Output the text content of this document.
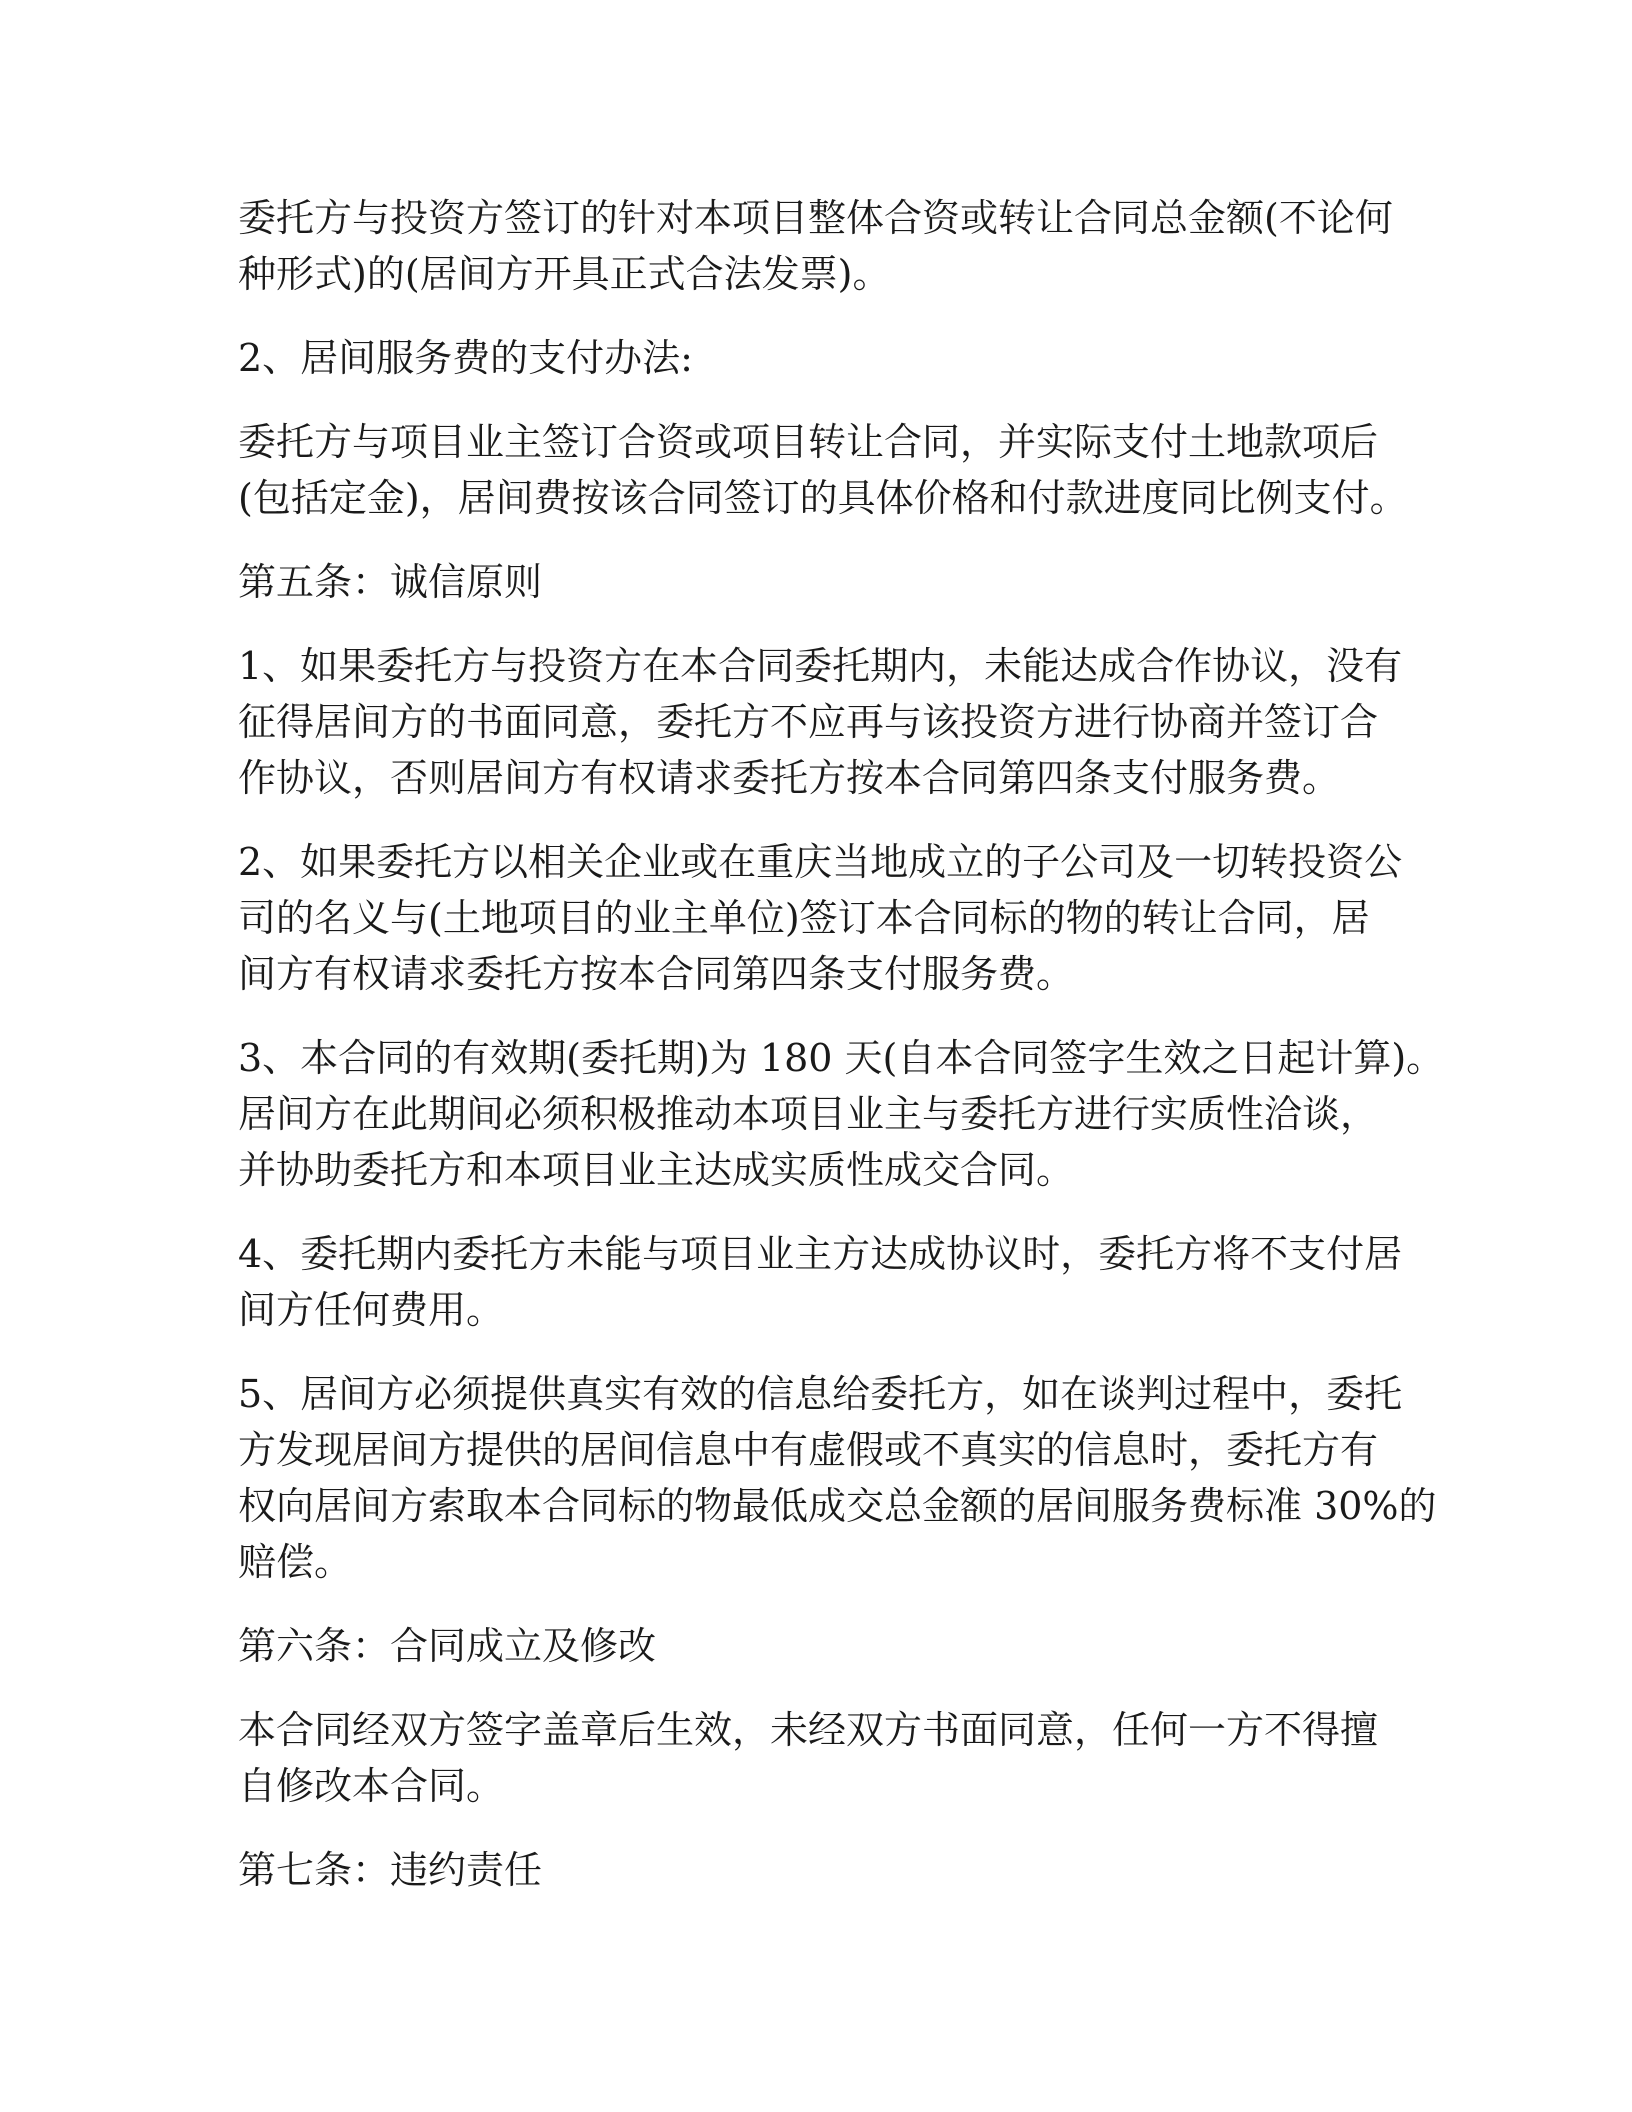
委托方与投资方签订的针对本项目整体合资或转让合同总金额(不论何
种形式)的(居间方开具正式合法发票)。

2、居间服务费的支付办法:

委托方与项目业主签订合资或项目转让合同，并实际支付土地款项后
(包括定金)，居间费按该合同签订的具体价格和付款进度同比例支付。

第五条：诚信原则

1、如果委托方与投资方在本合同委托期内，未能达成合作协议，没有
征得居间方的书面同意，委托方不应再与该投资方进行协商并签订合
作协议，否则居间方有权请求委托方按本合同第四条支付服务费。

2、如果委托方以相关企业或在重庆当地成立的子公司及一切转投资公
司的名义与(土地项目的业主单位)签订本合同标的物的转让合同，居
间方有权请求委托方按本合同第四条支付服务费。

3、本合同的有效期(委托期)为 180 天(自本合同签字生效之日起计算)。
居间方在此期间必须积极推动本项目业主与委托方进行实质性洽谈，
并协助委托方和本项目业主达成实质性成交合同。

4、委托期内委托方未能与项目业主方达成协议时，委托方将不支付居
间方任何费用。

5、居间方必须提供真实有效的信息给委托方，如在谈判过程中，委托
方发现居间方提供的居间信息中有虚假或不真实的信息时，委托方有
权向居间方索取本合同标的物最低成交总金额的居间服务费标准 30%的
赔偿。

第六条：合同成立及修改

本合同经双方签字盖章后生效，未经双方书面同意，任何一方不得擅
自修改本合同。

第七条：违约责任
